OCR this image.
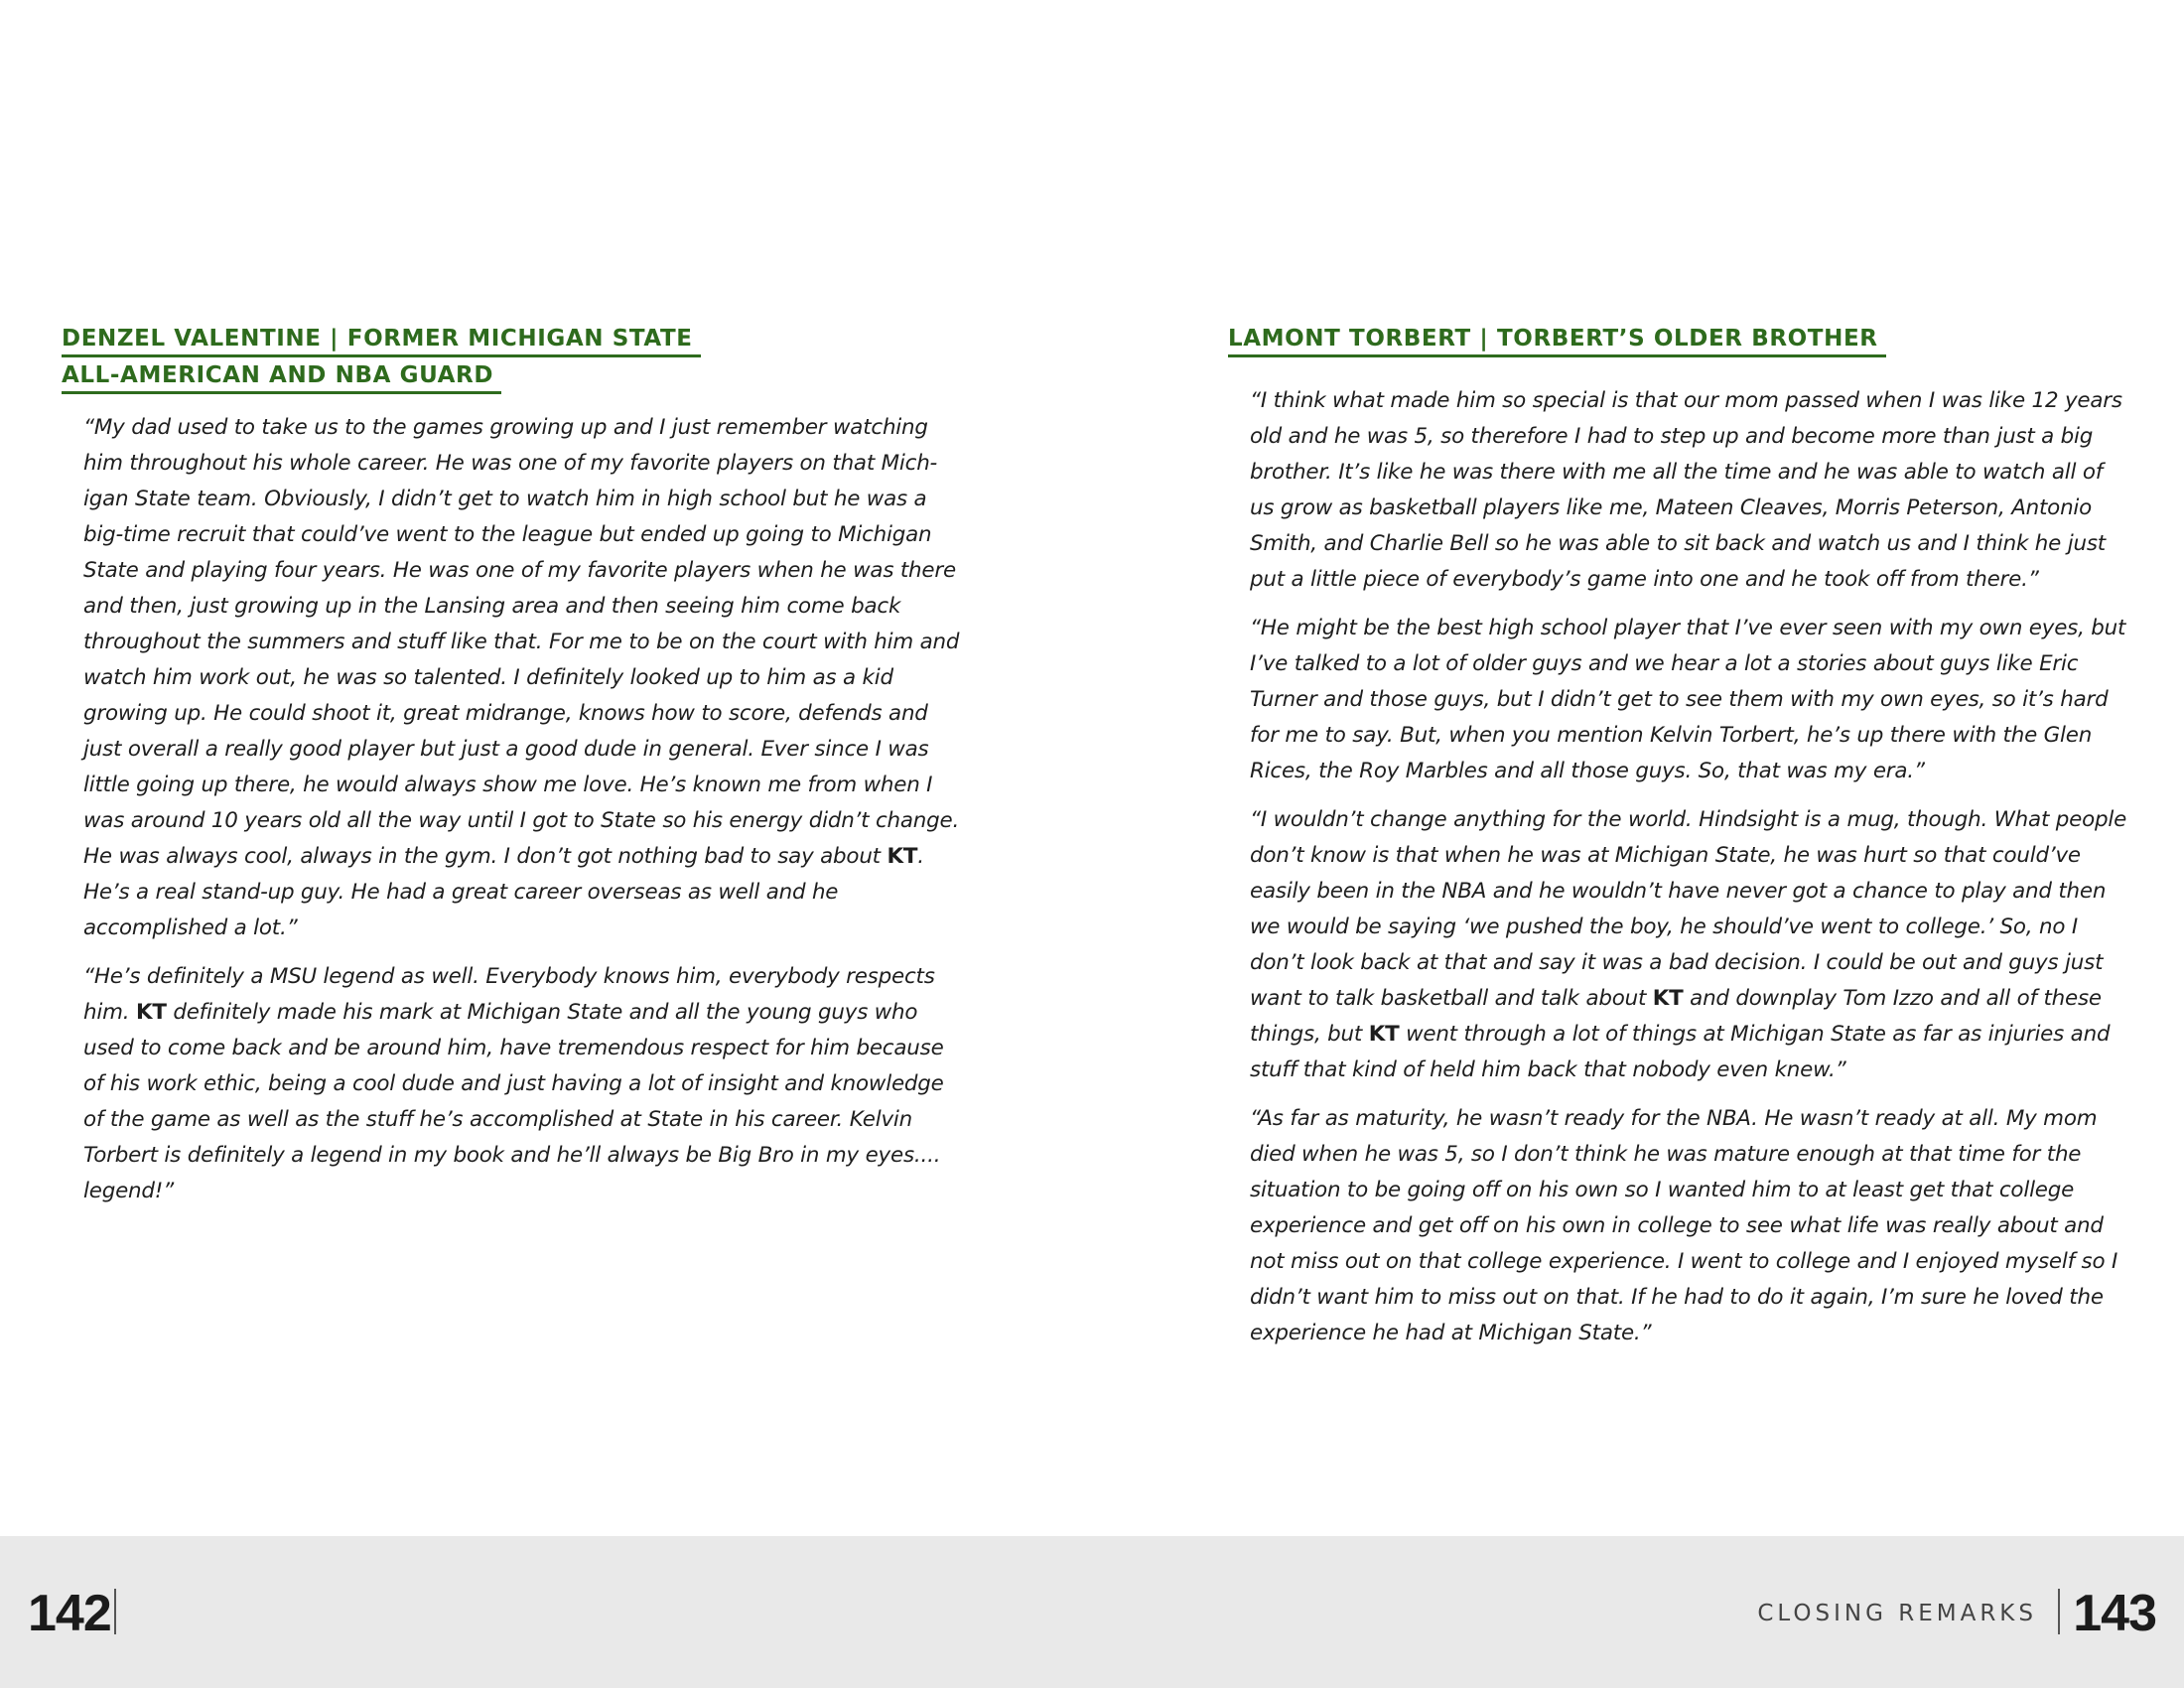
DENZEL VALENTINE | FORMER MICHIGAN STATE
ALL-AMERICAN AND NBA GUARD

“My dad used to take us to the games growing up and I just remember watching him throughout his whole career. He was one of my favorite players on that Michigan State team. Obviously, I didn’t get to watch him in high school but he was a big-time recruit that could’ve went to the league but ended up going to Michigan State and playing four years. He was one of my favorite players when he was there and then, just growing up in the Lansing area and then seeing him come back throughout the summers and stuff like that. For me to be on the court with him and watch him work out, he was so talented. I definitely looked up to him as a kid growing up. He could shoot it, great midrange, knows how to score, defends and just overall a really good player but just a good dude in general. Ever since I was little going up there, he would always show me love. He’s known me from when I was around 10 years old all the way until I got to State so his energy didn’t change. He was always cool, always in the gym. I don’t got nothing bad to say about KT. He’s a real stand-up guy. He had a great career overseas as well and he accomplished a lot.”

“He’s definitely a MSU legend as well. Everybody knows him, everybody respects him. KT definitely made his mark at Michigan State and all the young guys who used to come back and be around him, have tremendous respect for him because of his work ethic, being a cool dude and just having a lot of insight and knowledge of the game as well as the stuff he’s accomplished at State in his career. Kelvin Torbert is definitely a legend in my book and he’ll always be Big Bro in my eyes.... legend!”

LAMONT TORBERT | TORBERT’S OLDER BROTHER

“I think what made him so special is that our mom passed when I was like 12 years old and he was 5, so therefore I had to step up and become more than just a big brother. It’s like he was there with me all the time and he was able to watch all of us grow as basketball players like me, Mateen Cleaves, Morris Peterson, Antonio Smith, and Charlie Bell so he was able to sit back and watch us and I think he just put a little piece of everybody’s game into one and he took off from there.”

“He might be the best high school player that I’ve ever seen with my own eyes, but I’ve talked to a lot of older guys and we hear a lot a stories about guys like Eric Turner and those guys, but I didn’t get to see them with my own eyes, so it’s hard for me to say. But, when you mention Kelvin Torbert, he’s up there with the Glen Rices, the Roy Marbles and all those guys. So, that was my era.”

“I wouldn’t change anything for the world. Hindsight is a mug, though. What people don’t know is that when he was at Michigan State, he was hurt so that could’ve easily been in the NBA and he wouldn’t have never got a chance to play and then we would be saying ‘we pushed the boy, he should’ve went to college.’ So, no I don’t look back at that and say it was a bad decision. I could be out and guys just want to talk basketball and talk about KT and downplay Tom Izzo and all of these things, but KT went through a lot of things at Michigan State as far as injuries and stuff that kind of held him back that nobody even knew.”

“As far as maturity, he wasn’t ready for the NBA. He wasn’t ready at all. My mom died when he was 5, so I don’t think he was mature enough at that time for the situation to be going off on his own so I wanted him to at least get that college experience and get off on his own in college to see what life was really about and not miss out on that college experience. I went to college and I enjoyed myself so I didn’t want him to miss out on that. If he had to do it again, I’m sure he loved the experience he had at Michigan State.”

142	CLOSING REMARKS 143
